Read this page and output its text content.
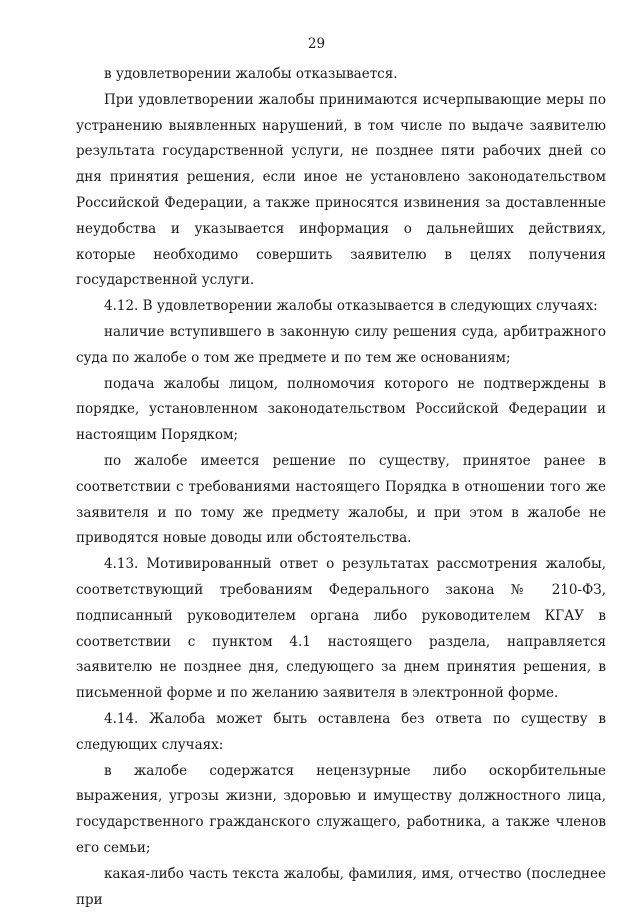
29

в удовлетворении жалобы отказывается.

При удовлетворении жалобы принимаются исчерпывающие меры по устранению выявленных нарушений, в том числе по выдаче заявителю результата государственной услуги, не позднее пяти рабочих дней со дня принятия решения, если иное не установлено законодательством Российской Федерации, а также приносятся извинения за доставленные неудобства и указывается информация о дальнейших действиях, которые необходимо совершить заявителю в целях получения государственной услуги.

4.12. В удовлетворении жалобы отказывается в следующих случаях:

наличие вступившего в законную силу решения суда, арбитражного суда по жалобе о том же предмете и по тем же основаниям;

подача жалобы лицом, полномочия которого не подтверждены в порядке, установленном законодательством Российской Федерации и настоящим Порядком;

по жалобе имеется решение по существу, принятое ранее в соответствии с требованиями настоящего Порядка в отношении того же заявителя и по тому же предмету жалобы, и при этом в жалобе не приводятся новые доводы или обстоятельства.

4.13. Мотивированный ответ о результатах рассмотрения жалобы, соответствующий требованиям Федерального закона № 210-ФЗ, подписанный руководителем органа либо руководителем КГАУ в соответствии с пунктом 4.1 настоящего раздела, направляется заявителю не позднее дня, следующего за днем принятия решения, в письменной форме и по желанию заявителя в электронной форме.

4.14. Жалоба может быть оставлена без ответа по существу в следующих случаях:

в жалобе содержатся нецензурные либо оскорбительные выражения, угрозы жизни, здоровью и имуществу должностного лица, государственного гражданского служащего, работника, а также членов его семьи;

какая-либо часть текста жалобы, фамилия, имя, отчество (последнее при
